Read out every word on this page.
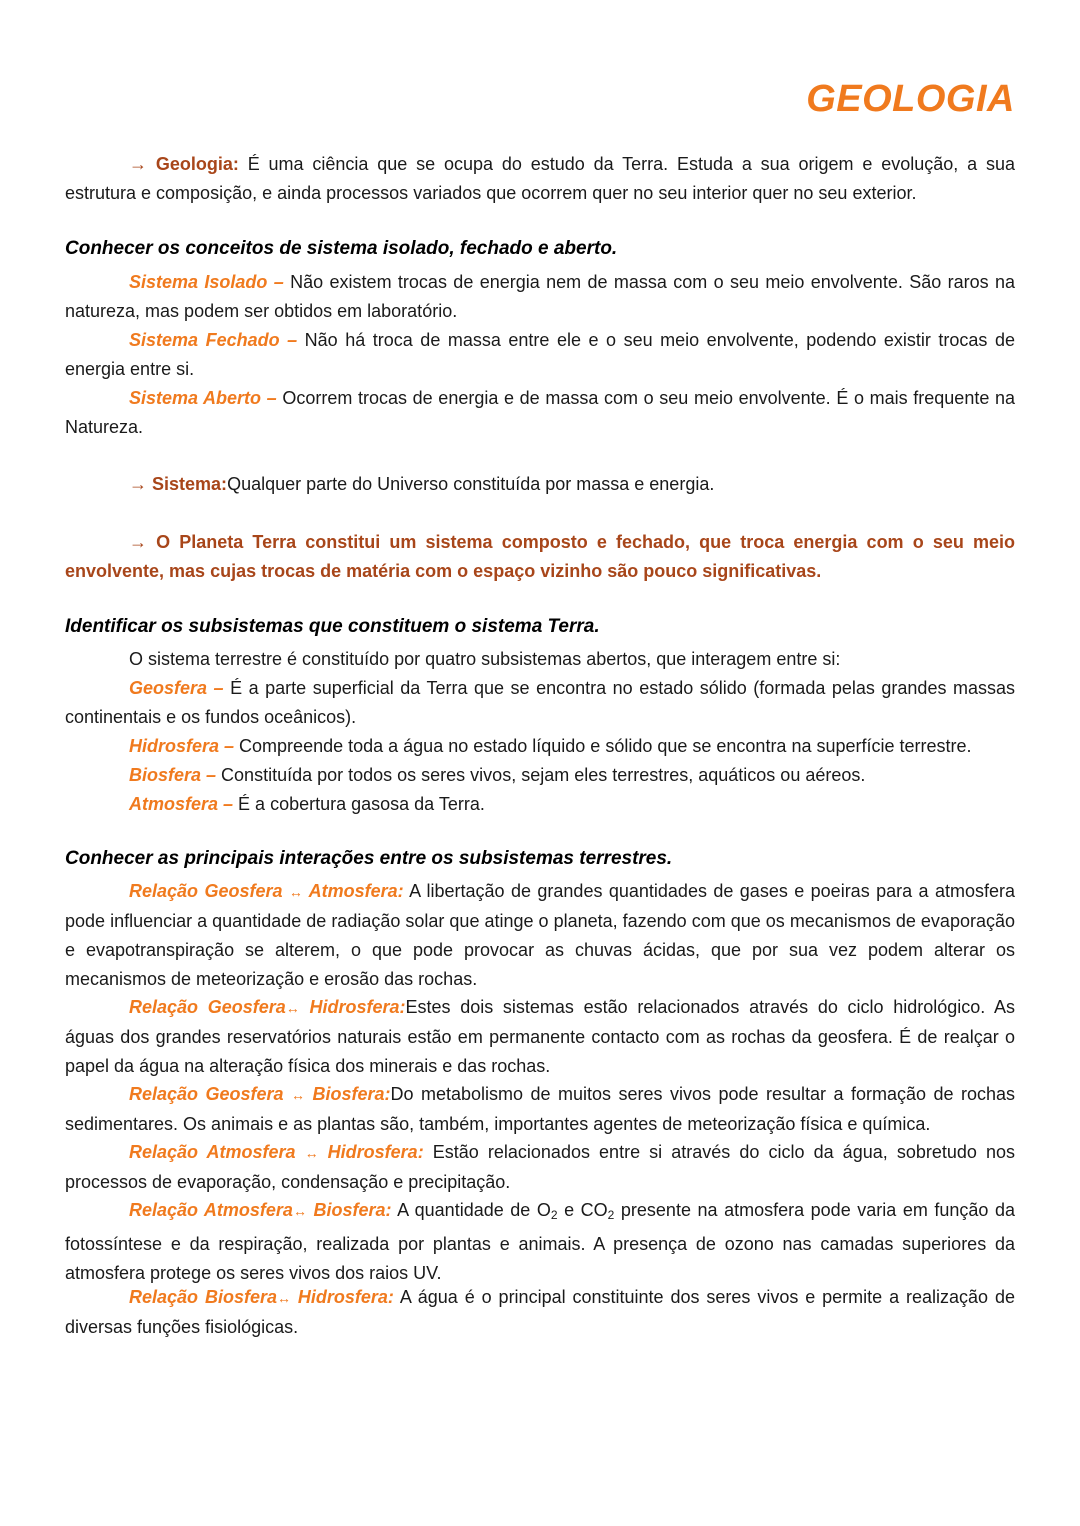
GEOLOGIA
→ Geologia: É uma ciência que se ocupa do estudo da Terra. Estuda a sua origem e evolução, a sua estrutura e composição, e ainda processos variados que ocorrem quer no seu interior quer no seu exterior.
Conhecer os conceitos de sistema isolado, fechado e aberto.
Sistema Isolado – Não existem trocas de energia nem de massa com o seu meio envolvente. São raros na natureza, mas podem ser obtidos em laboratório.
Sistema Fechado – Não há troca de massa entre ele e o seu meio envolvente, podendo existir trocas de energia entre si.
Sistema Aberto – Ocorrem trocas de energia e de massa com o seu meio envolvente. É o mais frequente na Natureza.
→ Sistema:Qualquer parte do Universo constituída por massa e energia.
→ O Planeta Terra constitui um sistema composto e fechado, que troca energia com o seu meio envolvente, mas cujas trocas de matéria com o espaço vizinho são pouco significativas.
Identificar os subsistemas que constituem o sistema Terra.
O sistema terrestre é constituído por quatro subsistemas abertos, que interagem entre si:
Geosfera – É a parte superficial da Terra que se encontra no estado sólido (formada pelas grandes massas continentais e os fundos oceânicos).
Hidrosfera – Compreende toda a água no estado líquido e sólido que se encontra na superfície terrestre.
Biosfera – Constituída por todos os seres vivos, sejam eles terrestres, aquáticos ou aéreos.
Atmosfera – É a cobertura gasosa da Terra.
Conhecer as principais interações entre os subsistemas terrestres.
Relação Geosfera ↔ Atmosfera: A libertação de grandes quantidades de gases e poeiras para a atmosfera pode influenciar a quantidade de radiação solar que atinge o planeta, fazendo com que os mecanismos de evaporação e evapotranspiração se alterem, o que pode provocar as chuvas ácidas, que por sua vez podem alterar os mecanismos de meteorização e erosão das rochas.
Relação Geosfera↔ Hidrosfera:Estes dois sistemas estão relacionados através do ciclo hidrológico. As águas dos grandes reservatórios naturais estão em permanente contacto com as rochas da geosfera. É de realçar o papel da água na alteração física dos minerais e das rochas.
Relação Geosfera ↔ Biosfera:Do metabolismo de muitos seres vivos pode resultar a formação de rochas sedimentares. Os animais e as plantas são, também, importantes agentes de meteorização física e química.
Relação Atmosfera ↔ Hidrosfera: Estão relacionados entre si através do ciclo da água, sobretudo nos processos de evaporação, condensação e precipitação.
Relação Atmosfera↔ Biosfera: A quantidade de $O_2$ e $CO_2$ presente na atmosfera pode varia em função da fotossíntese e da respiração, realizada por plantas e animais. A presença de ozono nas camadas superiores da atmosfera protege os seres vivos dos raios UV.
Relação Biosfera↔ Hidrosfera: A água é o principal constituinte dos seres vivos e permite a realização de diversas funções fisiológicas.
